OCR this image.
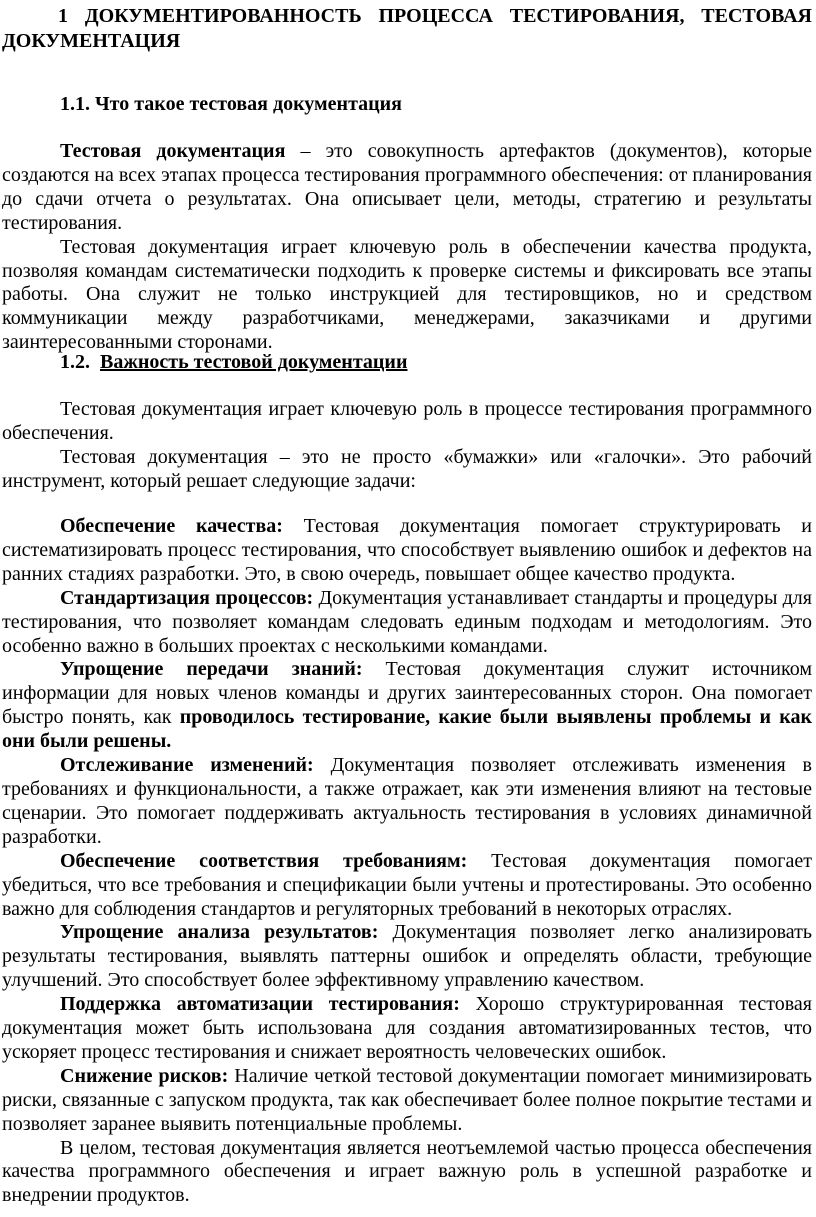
1 ДОКУМЕНТИРОВАННОСТЬ ПРОЦЕССА ТЕСТИРОВАНИЯ, ТЕСТОВАЯ ДОКУМЕНТАЦИЯ
1.1. Что такое тестовая документация

Тестовая документация – это совокупность артефактов (документов), которые создаются на всех этапах процесса тестирования программного обеспечения: от планирования до сдачи отчета о результатах. Она описывает цели, методы, стратегию и результаты тестирования.

Тестовая документация играет ключевую роль в обеспечении качества продукта, позволяя командам систематически подходить к проверке системы и фиксировать все этапы работы. Она служит не только инструкцией для тестировщиков, но и средством коммуникации между разработчиками, менеджерами, заказчиками и другими заинтересованными сторонами.

1.2. Важность тестовой документации

Тестовая документация играет ключевую роль в процессе тестирования программного обеспечения.

Тестовая документация – это не просто «бумажки» или «галочки». Это рабочий инструмент, который решает следующие задачи:

Обеспечение качества: Тестовая документация помогает структурировать и систематизировать процесс тестирования, что способствует выявлению ошибок и дефектов на ранних стадиях разработки. Это, в свою очередь, повышает общее качество продукта.

Стандартизация процессов: Документация устанавливает стандарты и процедуры для тестирования, что позволяет командам следовать единым подходам и методологиям. Это особенно важно в больших проектах с несколькими командами.

Упрощение передачи знаний: Тестовая документация служит источником информации для новых членов команды и других заинтересованных сторон. Она помогает быстро понять, как проводилось тестирование, какие были выявлены проблемы и как они были решены.

Отслеживание изменений: Документация позволяет отслеживать изменения в требованиях и функциональности, а также отражает, как эти изменения влияют на тестовые сценарии. Это помогает поддерживать актуальность тестирования в условиях динамичной разработки.

Обеспечение соответствия требованиям: Тестовая документация помогает убедиться, что все требования и спецификации были учтены и протестированы. Это особенно важно для соблюдения стандартов и регуляторных требований в некоторых отраслях.

Упрощение анализа результатов: Документация позволяет легко анализировать результаты тестирования, выявлять паттерны ошибок и определять области, требующие улучшений. Это способствует более эффективному управлению качеством.

Поддержка автоматизации тестирования: Хорошо структурированная тестовая документация может быть использована для создания автоматизированных тестов, что ускоряет процесс тестирования и снижает вероятность человеческих ошибок.

Снижение рисков: Наличие четкой тестовой документации помогает минимизировать риски, связанные с запуском продукта, так как обеспечивает более полное покрытие тестами и позволяет заранее выявить потенциальные проблемы.

В целом, тестовая документация является неотъемлемой частью процесса обеспечения качества программного обеспечения и играет важную роль в успешной разработке и внедрении продуктов.
